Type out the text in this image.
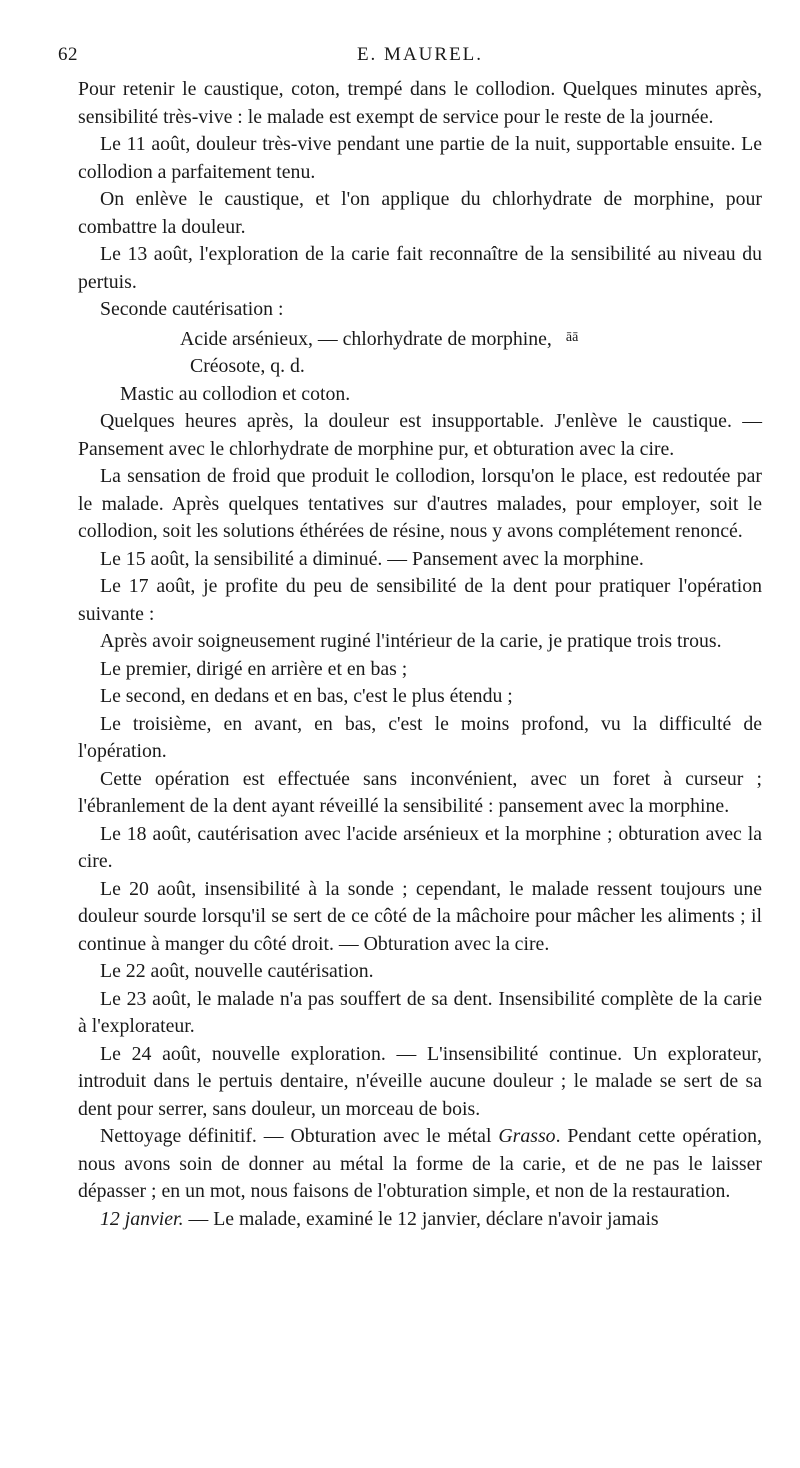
62	E. MAUREL.

Pour retenir le caustique, coton, trempé dans le collodion. Quelques minutes après, sensibilité très-vive : le malade est exempt de service pour le reste de la journée.

Le 11 août, douleur très-vive pendant une partie de la nuit, supportable ensuite. Le collodion a parfaitement tenu.

On enlève le caustique, et l'on applique du chlorhydrate de morphine, pour combattre la douleur.

Le 13 août, l'exploration de la carie fait reconnaître de la sensibilité au niveau du pertuis.

Seconde cautérisation :

Acide arsénieux, — chlorhydrate de morphine, $^{āā}$
Créosote, q. d.
Mastic au collodion et coton.

Quelques heures après, la douleur est insupportable. J'enlève le caustique. — Pansement avec le chlorhydrate de morphine pur, et obturation avec la cire.

La sensation de froid que produit le collodion, lorsqu'on le place, est redoutée par le malade. Après quelques tentatives sur d'autres malades, pour employer, soit le collodion, soit les solutions éthérées de résine, nous y avons complétement renoncé.

Le 15 août, la sensibilité a diminué. — Pansement avec la morphine.

Le 17 août, je profite du peu de sensibilité de la dent pour pratiquer l'opération suivante :

Après avoir soigneusement ruginé l'intérieur de la carie, je pratique trois trous.

Le premier, dirigé en arrière et en bas ;

Le second, en dedans et en bas, c'est le plus étendu ;

Le troisième, en avant, en bas, c'est le moins profond, vu la difficulté de l'opération.

Cette opération est effectuée sans inconvénient, avec un foret à curseur ; l'ébranlement de la dent ayant réveillé la sensibilité : pansement avec la morphine.

Le 18 août, cautérisation avec l'acide arsénieux et la morphine ; obturation avec la cire.

Le 20 août, insensibilité à la sonde ; cependant, le malade ressent toujours une douleur sourde lorsqu'il se sert de ce côté de la mâchoire pour mâcher les aliments ; il continue à manger du côté droit. — Obturation avec la cire.

Le 22 août, nouvelle cautérisation.

Le 23 août, le malade n'a pas souffert de sa dent. Insensibilité complète de la carie à l'explorateur.

Le 24 août, nouvelle exploration. — L'insensibilité continue. Un explorateur, introduit dans le pertuis dentaire, n'éveille aucune douleur ; le malade se sert de sa dent pour serrer, sans douleur, un morceau de bois.

Nettoyage définitif. — Obturation avec le métal Grasso. Pendant cette opération, nous avons soin de donner au métal la forme de la carie, et de ne pas le laisser dépasser ; en un mot, nous faisons de l'obturation simple, et non de la restauration.

12 janvier. — Le malade, examiné le 12 janvier, déclare n'avoir jamais
